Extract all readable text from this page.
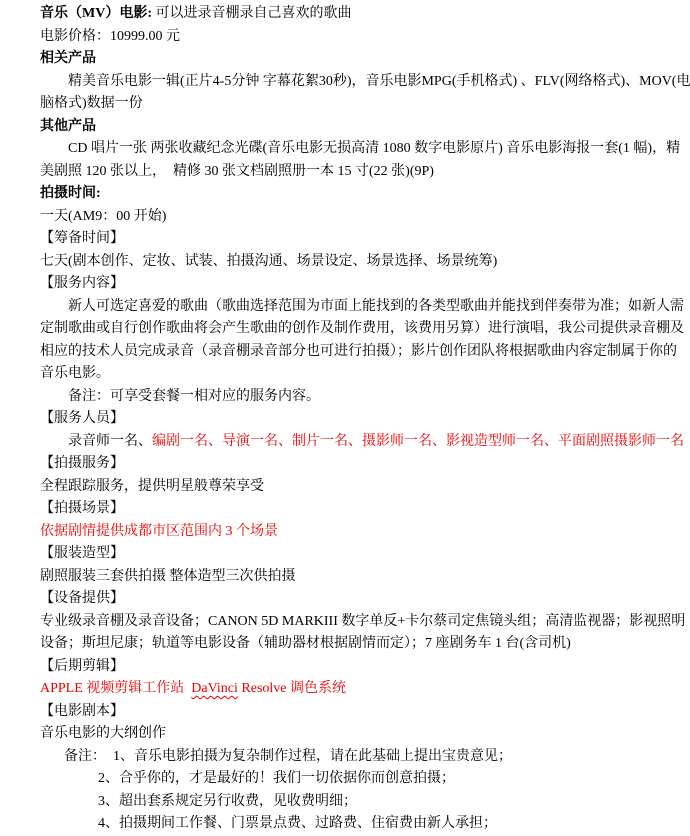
音乐（MV）电影: 可以进录音棚录自己喜欢的歌曲
电影价格：10999.00 元
相关产品
精美音乐电影一辑(正片4-5分钟 字幕花絮30秒)，音乐电影MPG(手机格式) 、FLV(网络格式)、MOV(电
脑格式)数据一份
其他产品
CD 唱片一张 两张收藏纪念光碟(音乐电影无损高清 1080 数字电影原片) 音乐电影海报一套(1 幅)，精
美剧照 120 张以上，  精修 30 张文档剧照册一本 15 寸(22 张)(9P)
拍摄时间:
一天(AM9：00 开始)
【筹备时间】
七天(剧本创作、定妆、试装、拍摄沟通、场景设定、场景选择、场景统筹)
【服务内容】
新人可选定喜爱的歌曲（歌曲选择范围为市面上能找到的各类型歌曲并能找到伴奏带为准；如新人需
定制歌曲或自行创作歌曲将会产生歌曲的创作及制作费用，该费用另算）进行演唱，我公司提供录音棚及
相应的技术人员完成录音（录音棚录音部分也可进行拍摄）；影片创作团队将根据歌曲内容定制属于你的
音乐电影。
备注：可享受套餐一相对应的服务内容。
【服务人员】
录音师一名、编剧一名、导演一名、制片一名、摄影师一名、影视造型师一名、平面剧照摄影师一名
【拍摄服务】
全程跟踪服务，提供明星般尊荣享受
【拍摄场景】
依据剧情提供成都市区范围内 3 个场景
【服装造型】
剧照服装三套供拍摄 整体造型三次供拍摄
【设备提供】
专业级录音棚及录音设备；CANON 5D MARKIII 数字单反+卡尔蔡司定焦镜头组；高清监视器；影视照明
设备；斯坦尼康；轨道等电影设备（辅助器材根据剧情而定）；7 座剧务车 1 台(含司机)
【后期剪辑】
APPLE 视频剪辑工作站  DaVinci Resolve 调色系统
【电影剧本】
音乐电影的大纲创作
备注：  1、音乐电影拍摄为复杂制作过程，请在此基础上提出宝贵意见；
2、合乎你的，才是最好的！我们一切依据你而创意拍摄；
3、超出套系规定另行收费，见收费明细；
4、拍摄期间工作餐、门票景点费、过路费、住宿费由新人承担；
